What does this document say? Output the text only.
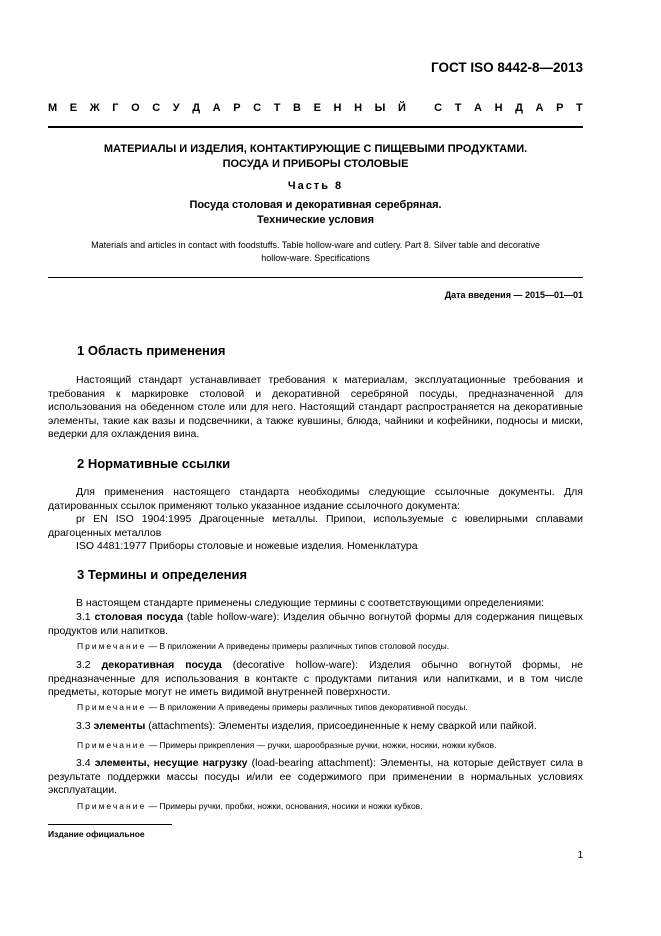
ГОСТ ISO 8442-8—2013
М Е Ж Г О С У Д А Р С Т В Е Н Н Ы Й
	С Т А Н Д А Р Т
МАТЕРИАЛЫ И ИЗДЕЛИЯ, КОНТАКТИРУЮЩИЕ С ПИЩЕВЫМИ ПРОДУКТАМИ.
ПОСУДА И ПРИБОРЫ СТОЛОВЫЕ
Часть 8
Посуда столовая и декоративная серебряная.
Технические условия
Materials and articles in contact with foodstuffs. Table hollow-ware and cutlery. Part 8. Silver table and decorative
hollow-ware. Specifications
Дата введения — 2015—01—01
1 Область применения
Настоящий стандарт устанавливает требования к материалам, эксплуатационные требования и требования к маркировке столовой и декоративной серебряной посуды, предназначенной для использования на обеденном столе или для него. Настоящий стандарт распространяется на декоративные элементы, такие как вазы и подсвечники, а также кувшины, блюда, чайники и кофейники, подносы и миски, ведерки для охлаждения вина.
2 Нормативные ссылки
Для применения настоящего стандарта необходимы следующие ссылочные документы. Для датированных ссылок применяют только указанное издание ссылочного документа:
pr EN ISO 1904:1995 Драгоценные металлы. Припои, используемые с ювелирными сплавами драгоценных металлов
ISO 4481:1977 Приборы столовые и ножевые изделия. Номенклатура
3 Термины и определения
В настоящем стандарте применены следующие термины с соответствующими определениями:
3.1 столовая посуда (table hollow-ware): Изделия обычно вогнутой формы для содержания пищевых продуктов или напитков.
Примечание — В приложении А приведены примеры различных типов столовой посуды.
3.2 декоративная посуда (decorative hollow-ware): Изделия обычно вогнутой формы, не предназначенные для использования в контакте с продуктами питания или напитками, и в том числе предметы, которые могут не иметь видимой внутренней поверхности.
Примечание — В приложении А приведены примеры различных типов декоративной посуды.
3.3 элементы (attachments): Элементы изделия, присоединенные к нему сваркой или пайкой.
Примечание — Примеры прикрепления — ручки, шарообразные ручки, ножки, носики, ножки кубков.
3.4 элементы, несущие нагрузку (load-bearing attachment): Элементы, на которые действует сила в результате поддержки массы посуды и/или ее содержимого при применении в нормальных условиях эксплуатации.
Примечание — Примеры ручки, пробки, ножки, основания, носики и ножки кубков.
Издание официальное
1
